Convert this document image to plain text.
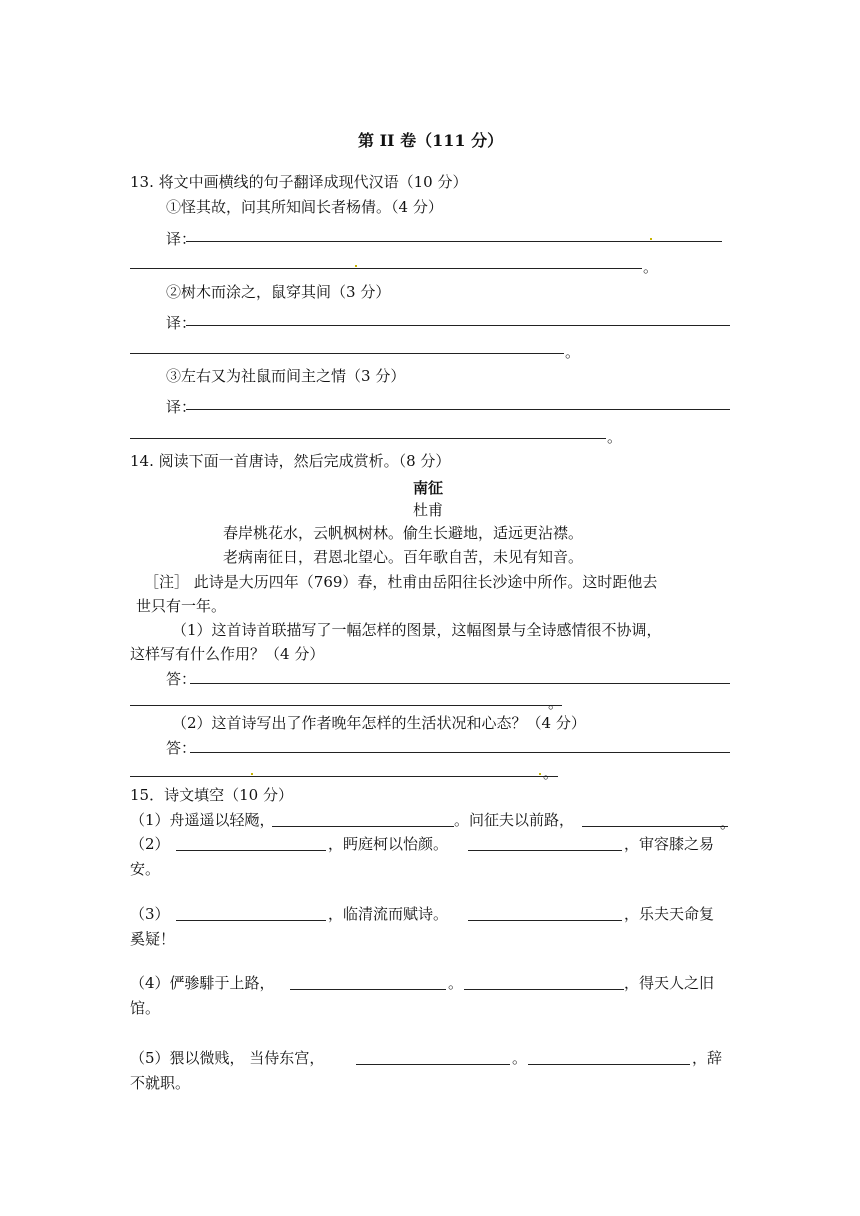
第 II 卷（111 分）
13. 将文中画横线的句子翻译成现代汉语（10 分）
①怪其故，问其所知闾长者杨倩。（4 分）
译：
。
②树木而涂之，鼠穿其间（3 分）
译：
。
③左右又为社鼠而间主之情（3 分）
译：
。
14. 阅读下面一首唐诗，然后完成赏析。（8 分）
南征
杜甫
春岸桃花水，云帆枫树林。偷生长避地，适远更沾襟。
老病南征日，君恩北望心。百年歌自苦，未见有知音。
［注］ 此诗是大历四年（769）春，杜甫由岳阳往长沙途中所作。这时距他去
世只有一年。
（1）这首诗首联描写了一幅怎样的图景，这幅图景与全诗感情很不协调，
这样写有什么作用？（4 分）
答：
。
（2）这首诗写出了作者晚年怎样的生活状况和心态？（4 分）
答：
。
15．诗文填空（10 分）
（1）舟遥遥以轻飏，	。问征夫以前路，	。
（2）	，眄庭柯以怡颜。	，审容膝之易
安。
（3）	，临清流而赋诗。	，乐夫天命复
奚疑！
（4）俨骖騑于上路，	。	，得天人之旧
馆。
（5）猥以微贱， 当侍东宫，	。	，辞
不就职。
